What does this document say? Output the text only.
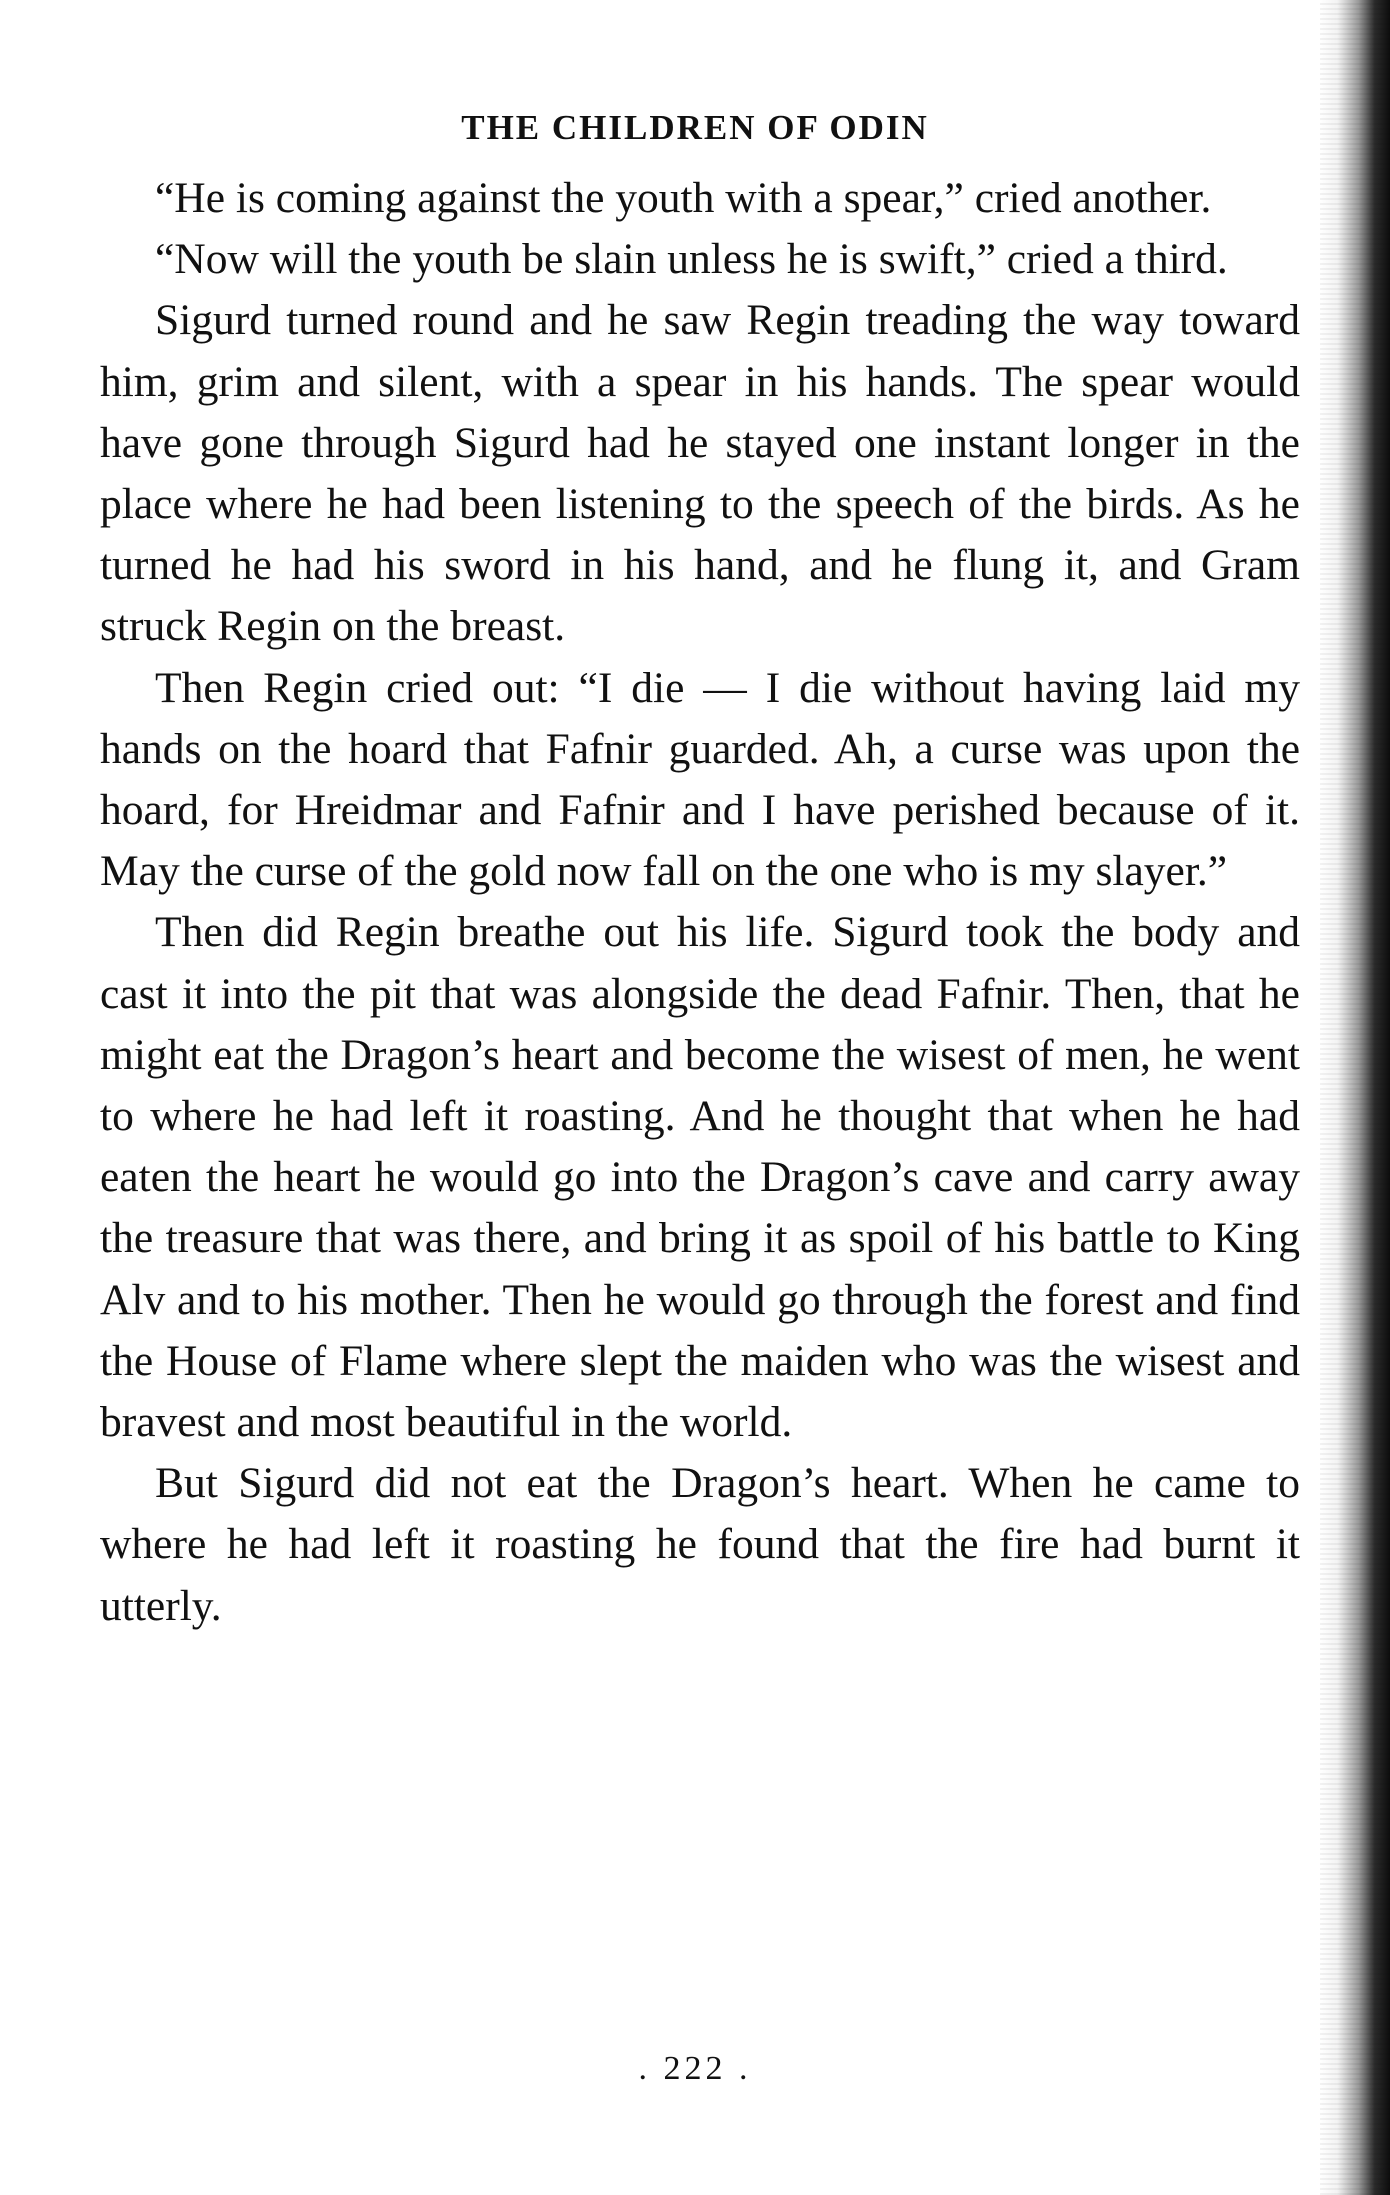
THE CHILDREN OF ODIN

“He is coming against the youth with a spear,” cried another.

“Now will the youth be slain unless he is swift,” cried a third.

Sigurd turned round and he saw Regin treading the way toward him, grim and silent, with a spear in his hands. The spear would have gone through Sigurd had he stayed one instant longer in the place where he had been listening to the speech of the birds. As he turned he had his sword in his hand, and he flung it, and Gram struck Regin on the breast.

Then Regin cried out: “I die — I die without having laid my hands on the hoard that Fafnir guarded. Ah, a curse was upon the hoard, for Hreidmar and Fafnir and I have perished because of it. May the curse of the gold now fall on the one who is my slayer.”

Then did Regin breathe out his life. Sigurd took the body and cast it into the pit that was alongside the dead Fafnir. Then, that he might eat the Dragon’s heart and become the wisest of men, he went to where he had left it roasting. And he thought that when he had eaten the heart he would go into the Dragon’s cave and carry away the treasure that was there, and bring it as spoil of his battle to King Alv and to his mother. Then he would go through the forest and find the House of Flame where slept the maiden who was the wisest and bravest and most beautiful in the world.

But Sigurd did not eat the Dragon’s heart. When he came to where he had left it roasting he found that the fire had burnt it utterly.

. 222 .
